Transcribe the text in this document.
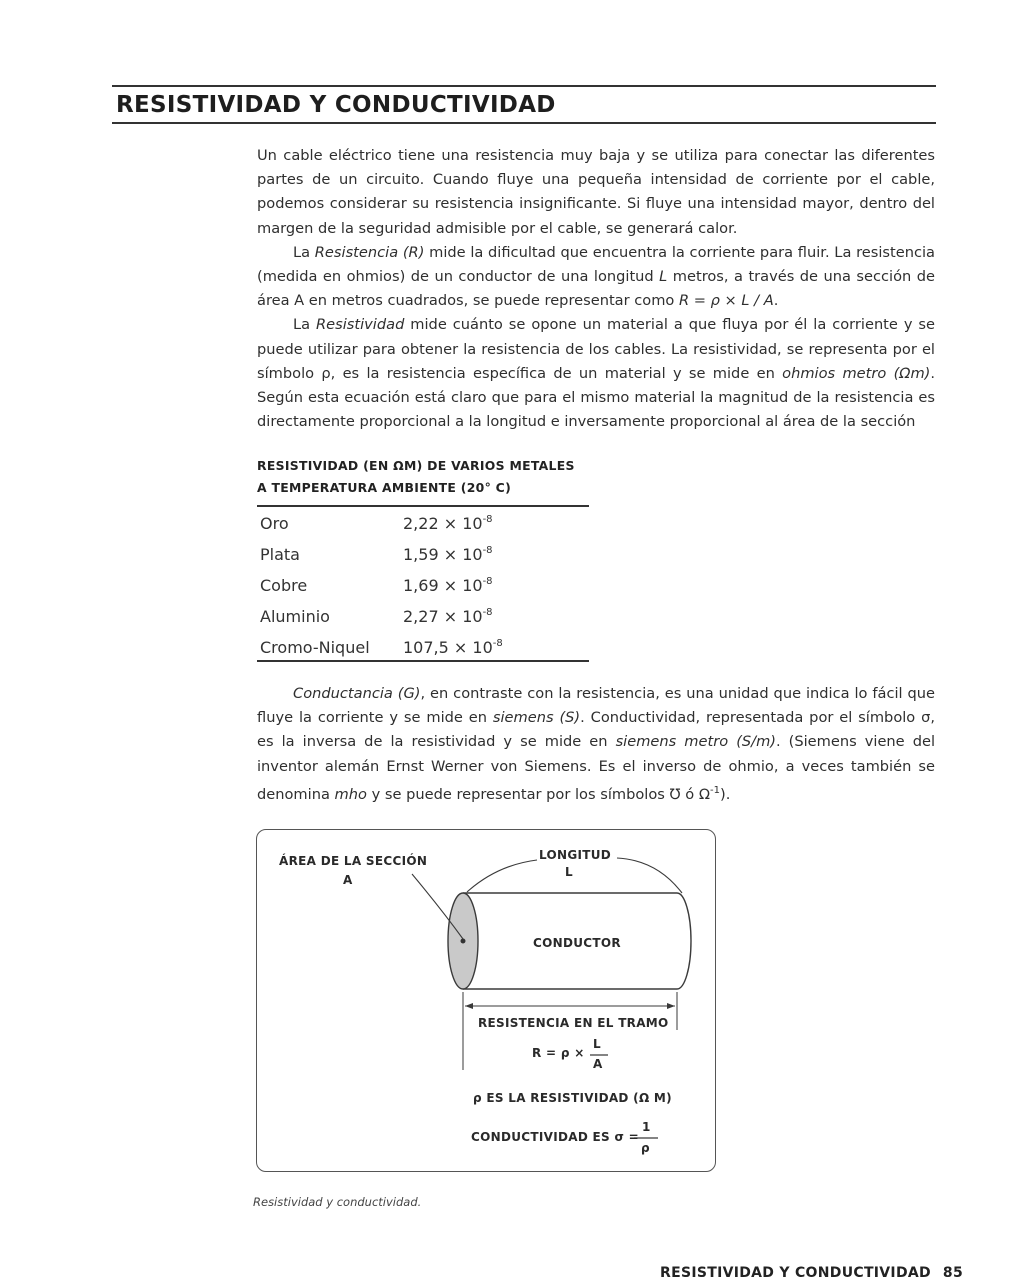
RESISTIVIDAD Y CONDUCTIVIDAD

Un cable eléctrico tiene una resistencia muy baja y se utiliza para conectar las diferentes partes de un circuito. Cuando fluye una pequeña intensidad de corriente por el cable, podemos considerar su resistencia insignificante. Si fluye una intensidad mayor, dentro del margen de la seguridad admisible por el cable, se generará calor.

La Resistencia (R) mide la dificultad que encuentra la corriente para fluir. La resistencia (medida en ohmios) de un conductor de una longitud L metros, a través de una sección de área A en metros cuadrados, se puede representar como R = ρ × L / A.

La Resistividad mide cuánto se opone un material a que fluya por él la corriente y se puede utilizar para obtener la resistencia de los cables. La resistividad, se representa por el símbolo ρ, es la resistencia específica de un material y se mide en ohmios metro (Ωm). Según esta ecuación está claro que para el mismo material la magnitud de la resistencia es directamente proporcional a la longitud e inversamente proporcional al área de la sección

RESISTIVIDAD (EN ΩM) DE VARIOS METALES
A TEMPERATURA AMBIENTE (20° C)
Oro	$2,22 \times 10^{-8}$
Plata	$1,59 \times 10^{-8}$
Cobre	$1,69 \times 10^{-8}$
Aluminio	$2,27 \times 10^{-8}$
Cromo-Niquel $107,5 \times 10^{-8}$

Conductancia (G), en contraste con la resistencia, es una unidad que indica lo fácil que fluye la corriente y se mide en siemens (S). Conductividad, representada por el símbolo σ, es la inversa de la resistividad y se mide en siemens metro (S/m). (Siemens viene del inventor alemán Ernst Werner von Siemens. Es el inverso de ohmio, a veces también se denomina mho y se puede representar por los símbolos ℧ ó $\Omega^{-1}$).

ÁREA DE LA SECCIÓN
A
LONGITUD
L
CONDUCTOR
RESISTENCIA EN EL TRAMO
R = ρ ×
L
A
ρ ES LA RESISTIVIDAD (Ω M)
CONDUCTIVIDAD ES σ =
1
ρ
Resistividad y conductividad.
RESISTIVIDAD Y CONDUCTIVIDAD 85
